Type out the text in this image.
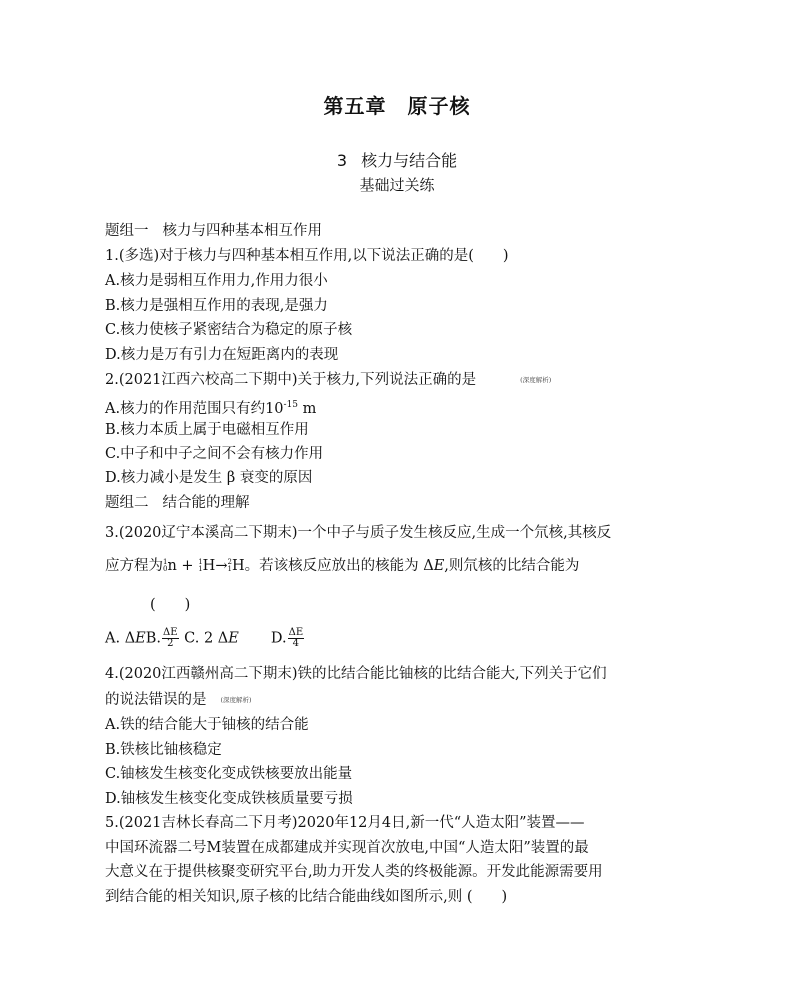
第五章　原子核
3 核力与结合能
基础过关练
题组一 核力与四种基本相互作用
1.(多选)对于核力与四种基本相互作用,以下说法正确的是(　　)
A.核力是弱相互作用力,作用力很小
B.核力是强相互作用的表现,是强力
C.核力使核子紧密结合为稳定的原子核
D.核力是万有引力在短距离内的表现
2.(2021江西六校高二下期中)关于核力,下列说法正确的是	(深度解析)
A.核力的作用范围只有约$10^{-15}$ m
B.核力本质上属于电磁相互作用
C.中子和中子之间不会有核力作用
D.核力减小是发生 β 衰变的原因
题组二 结合能的理解
3.(2020辽宁本溪高二下期末)一个中子与质子发生核反应,生成一个氘核,其核反
应方程为 1
0 n + 1
1 H→ 2
1 H。若该核反应放出的核能为 ΔE,则氘核的比结合能为
(　　)
A. ΔEB. $\frac{\Delta E}{2} C$. 2 ΔE D. $\frac{\Delta E}{4}$
4.(2020江西赣州高二下期末)铁的比结合能比铀核的比结合能大,下列关于它们
的说法错误的是 (深度解析)
A.铁的结合能大于铀核的结合能
B.铁核比铀核稳定
C.铀核发生核变化变成铁核要放出能量
D.铀核发生核变化变成铁核质量要亏损
5.(2021吉林长春高二下月考)2020年12月4日,新一代“人造太阳”装置——
中国环流器二号M装置在成都建成并实现首次放电,中国“人造太阳”装置的最
大意义在于提供核聚变研究平台,助力开发人类的终极能源。开发此能源需要用
到结合能的相关知识,原子核的比结合能曲线如图所示,则 (　　)
